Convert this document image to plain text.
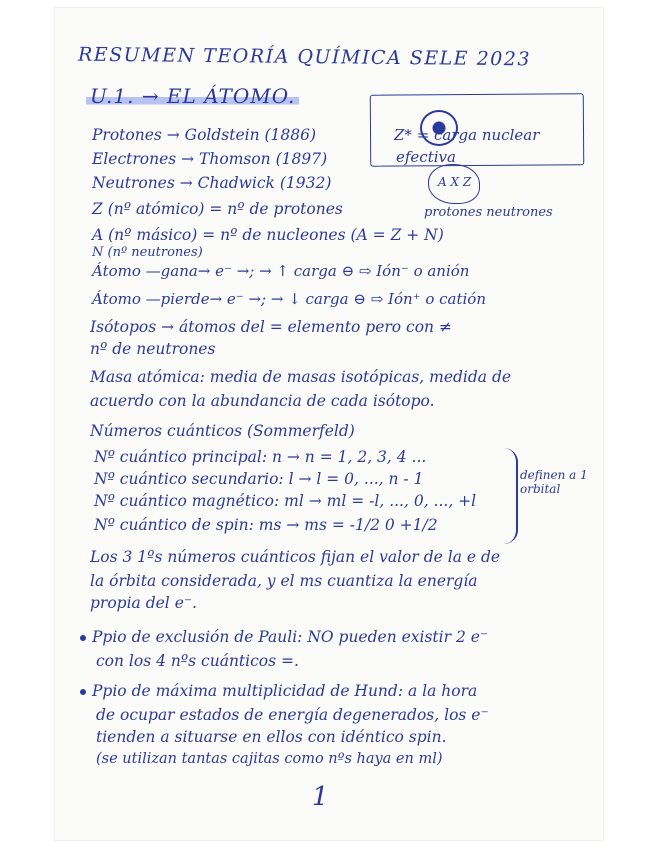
RESUMEN TEORÍA QUÍMICA SELE 2023
U.1. → EL ÁTOMO.
Z* = carga nuclear
efectiva
A X Z
protones neutrones
Protones → Goldstein (1886)
Electrones → Thomson (1897)
Neutrones → Chadwick (1932)
Z (nº atómico) = nº de protones
A (nº másico) = nº de nucleones (A = Z + N)
N (nº neutrones)
Átomo —gana→ e⁻ →; → ↑ carga ⊖ ⇨ Ión⁻ o anión
Átomo —pierde→ e⁻ →; → ↓ carga ⊖ ⇨ Ión⁺ o catión
Isótopos → átomos del = elemento pero con ≠
nº de neutrones
Masa atómica: media de masas isotópicas, medida de
acuerdo con la abundancia de cada isótopo.
Números cuánticos (Sommerfeld)
Nº cuántico principal: n → n = 1, 2, 3, 4 ...
Nº cuántico secundario: l → l = 0, ..., n - 1
Nº cuántico magnético: ml → ml = -l, ..., 0, ..., +l
Nº cuántico de spin: ms → ms = -1/2 0 +1/2
definen a 1 orbital
Los 3 1ºs números cuánticos fijan el valor de la e de
la órbita considerada, y el ms cuantiza la energía
propia del e⁻.
Ppio de exclusión de Pauli: NO pueden existir 2 e⁻
con los 4 nºs cuánticos =.
Ppio de máxima multiplicidad de Hund: a la hora
de ocupar estados de energía degenerados, los e⁻
tienden a situarse en ellos con idéntico spin.
(se utilizan tantas cajitas como nºs haya en ml)
1
